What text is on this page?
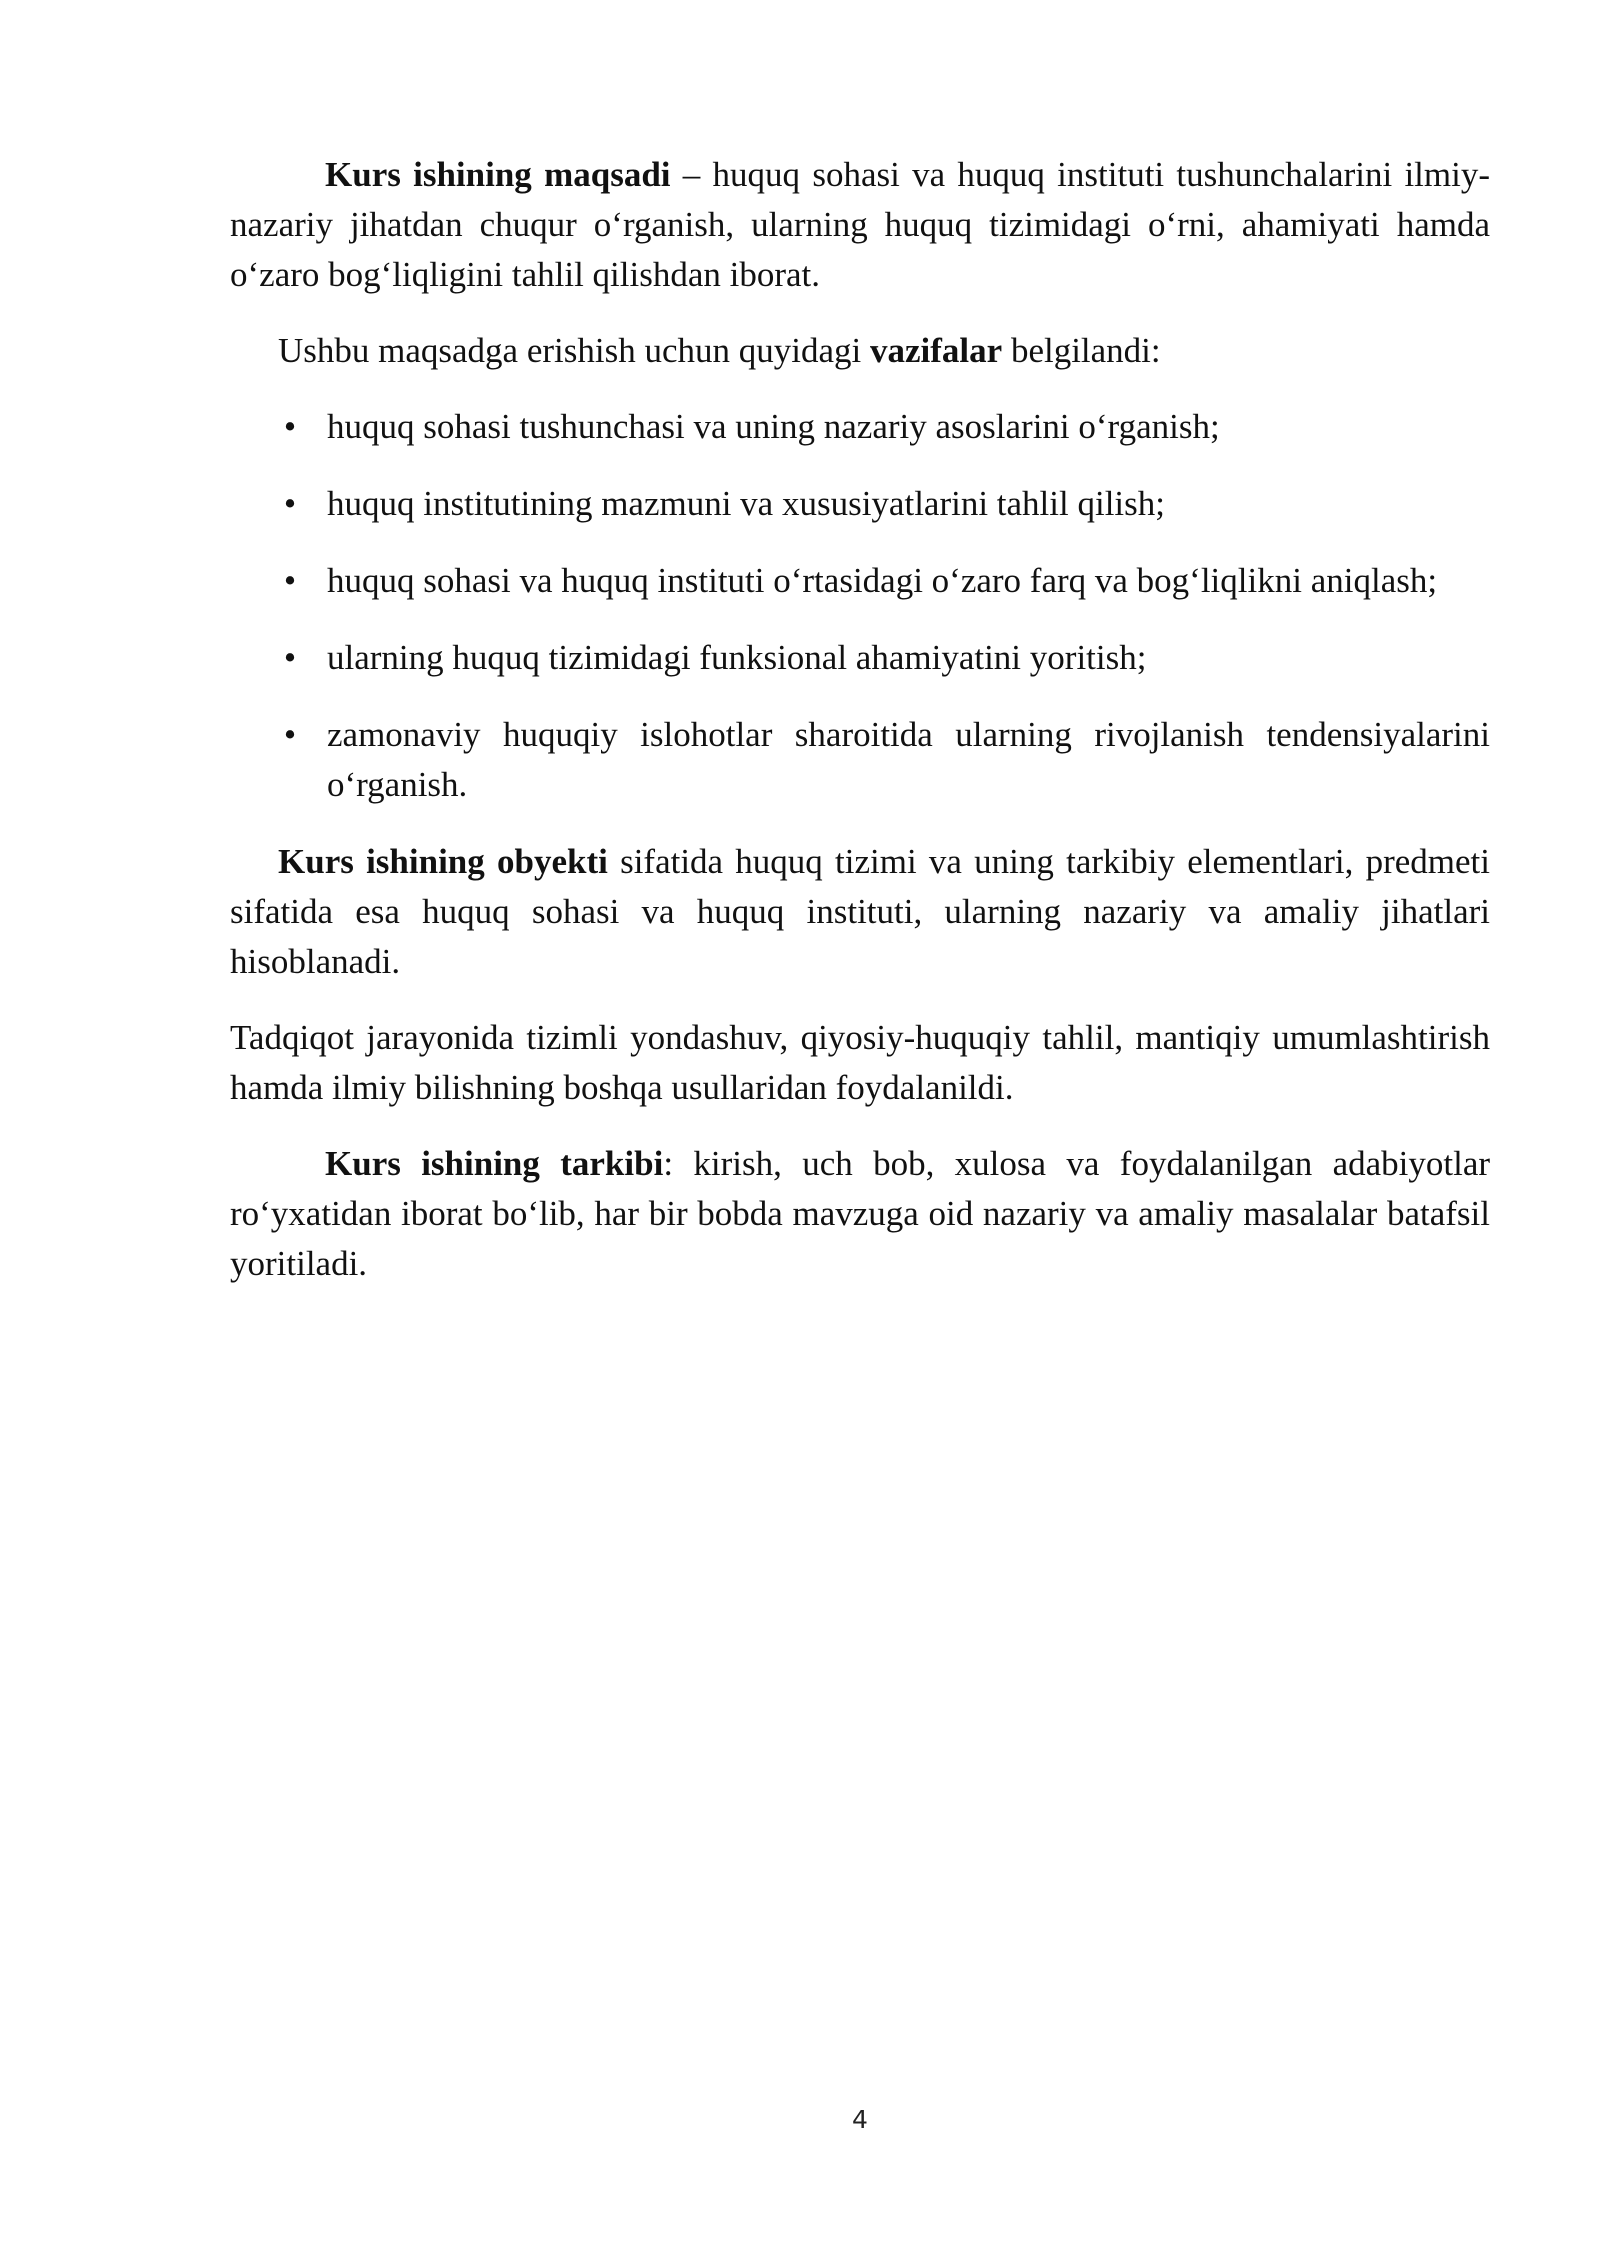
Kurs ishining maqsadi – huquq sohasi va huquq instituti tushunchalarini ilmiy-nazariy jihatdan chuqur o‘rganish, ularning huquq tizimidagi o‘rni, ahamiyati hamda o‘zaro bog‘liqligini tahlil qilishdan iborat.

Ushbu maqsadga erishish uchun quyidagi vazifalar belgilandi:

• huquq sohasi tushunchasi va uning nazariy asoslarini o‘rganish;
• huquq institutining mazmuni va xususiyatlarini tahlil qilish;
• huquq sohasi va huquq instituti o‘rtasidagi o‘zaro farq va bog‘liqlikni aniqlash;
• ularning huquq tizimidagi funksional ahamiyatini yoritish;
• zamonaviy huquqiy islohotlar sharoitida ularning rivojlanish tendensiyalarini o‘rganish.

Kurs ishining obyekti sifatida huquq tizimi va uning tarkibiy elementlari, predmeti sifatida esa huquq sohasi va huquq instituti, ularning nazariy va amaliy jihatlari hisoblanadi.

Tadqiqot jarayonida tizimli yondashuv, qiyosiy-huquqiy tahlil, mantiqiy umumlashtirish hamda ilmiy bilishning boshqa usullaridan foydalanildi.

Kurs ishining tarkibi: kirish, uch bob, xulosa va foydalanilgan adabiyotlar ro‘yxatidan iborat bo‘lib, har bir bobda mavzuga oid nazariy va amaliy masalalar batafsil yoritiladi.

4
